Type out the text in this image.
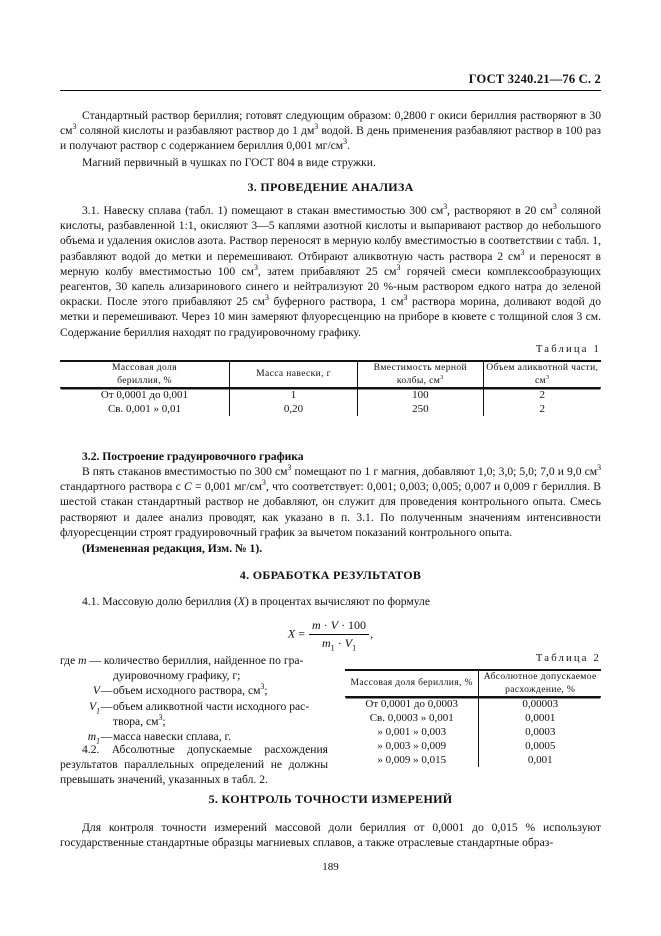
ГОСТ 3240.21—76 С. 2
Стандартный раствор бериллия; готовят следующим образом: 0,2800 г окиси бериллия растворяют в 30 $см^3$ соляной кислоты и разбавляют раствор до 1 $дм^3$ водой. В день применения разбавляют раствор в 100 раз и получают раствор с содержанием бериллия 0,001 $мг/см^3$.
Магний первичный в чушках по ГОСТ 804 в виде стружки.
3. ПРОВЕДЕНИЕ АНАЛИЗА
3.1. Навеску сплава (табл. 1) помещают в стакан вместимостью 300 $см^3$, растворяют в 20 $см^3$ соляной кислоты, разбавленной 1:1, окисляют 3—5 каплями азотной кислоты и выпаривают раствор до небольшого объема и удаления окислов азота. Раствор переносят в мерную колбу вместимостью в соответствии с табл. 1, разбавляют водой до метки и перемешивают. Отбирают аликвотную часть раствора 2 $см^3$ и переносят в мерную колбу вместимостью 100 $см^3$, затем прибавляют 25 $см^3$ горячей смеси комплексообразующих реагентов, 30 капель ализаринового синего и нейтрализуют 20 %-ным раствором едкого натра до зеленой окраски. После этого прибавляют 25 $см^3$ буферного раствора, 1 $см^3$ раствора морина, доливают водой до метки и перемешивают. Через 10 мин замеряют флуоресценцию на приборе в кювете с толщиной слоя 3 см. Содержание бериллия находят по градуировочному графику.
Таблица 1
Массовая доля
бериллия, %	Масса навески, г	Вместимость мерной
колбы, $см^3$	Объем аликвотной части,
$см^3$
От 0,0001 до 0,001	1	100	2
Св. 0,001 » 0,01	0,20	250	2
3.2. Построение градуировочного графика
В пять стаканов вместимостью по 300 $см^3$ помещают по 1 г магния, добавляют 1,0; 3,0; 5,0; 7,0 и 9,0 $см^3$ стандартного раствора с C = 0,001 $мг/см^3$, что соответствует: 0,001; 0,003; 0,005; 0,007 и 0,009 г бериллия. В шестой стакан стандартный раствор не добавляют, он служит для проведения контрольного опыта. Смесь растворяют и далее анализ проводят, как указано в п. 3.1. По полученным значениям интенсивности флуоресценции строят градуировочный график за вычетом показаний контрольного опыта.
(Измененная редакция, Изм. № 1).
4. ОБРАБОТКА РЕЗУЛЬТАТОВ
4.1. Массовую долю бериллия (X) в процентах вычисляют по формуле
$X = \frac{m \cdot V \cdot 100}{m_1 \cdot V_1}$ ,
где m — количество бериллия, найденное по гра-
дуировочному графику, г;
V—объем исходного раствора, $см^3$;
$V_1—объем$ аликвотной части исходного рас-
твора, $см^3$;
$m_1—масса$ навески сплава, г.
4.2. Абсолютные допускаемые расхождения результатов параллельных определений не должны превышать значений, указанных в табл. 2.
Таблица 2
Массовая доля бериллия, %	Абсолютное допускаемое
расхождение, %
От 0,0001 до 0,0003	0,00003
Св. 0,0003 » 0,001	0,0001
» 0,001 » 0,003	0,0003
» 0,003 » 0,009	0,0005
» 0,009 » 0,015	0,001
5. КОНТРОЛЬ ТОЧНОСТИ ИЗМЕРЕНИЙ
Для контроля точности измерений массовой доли бериллия от 0,0001 до 0,015 % используют государственные стандартные образцы магниевых сплавов, а также отраслевые стандартные образ-
189
